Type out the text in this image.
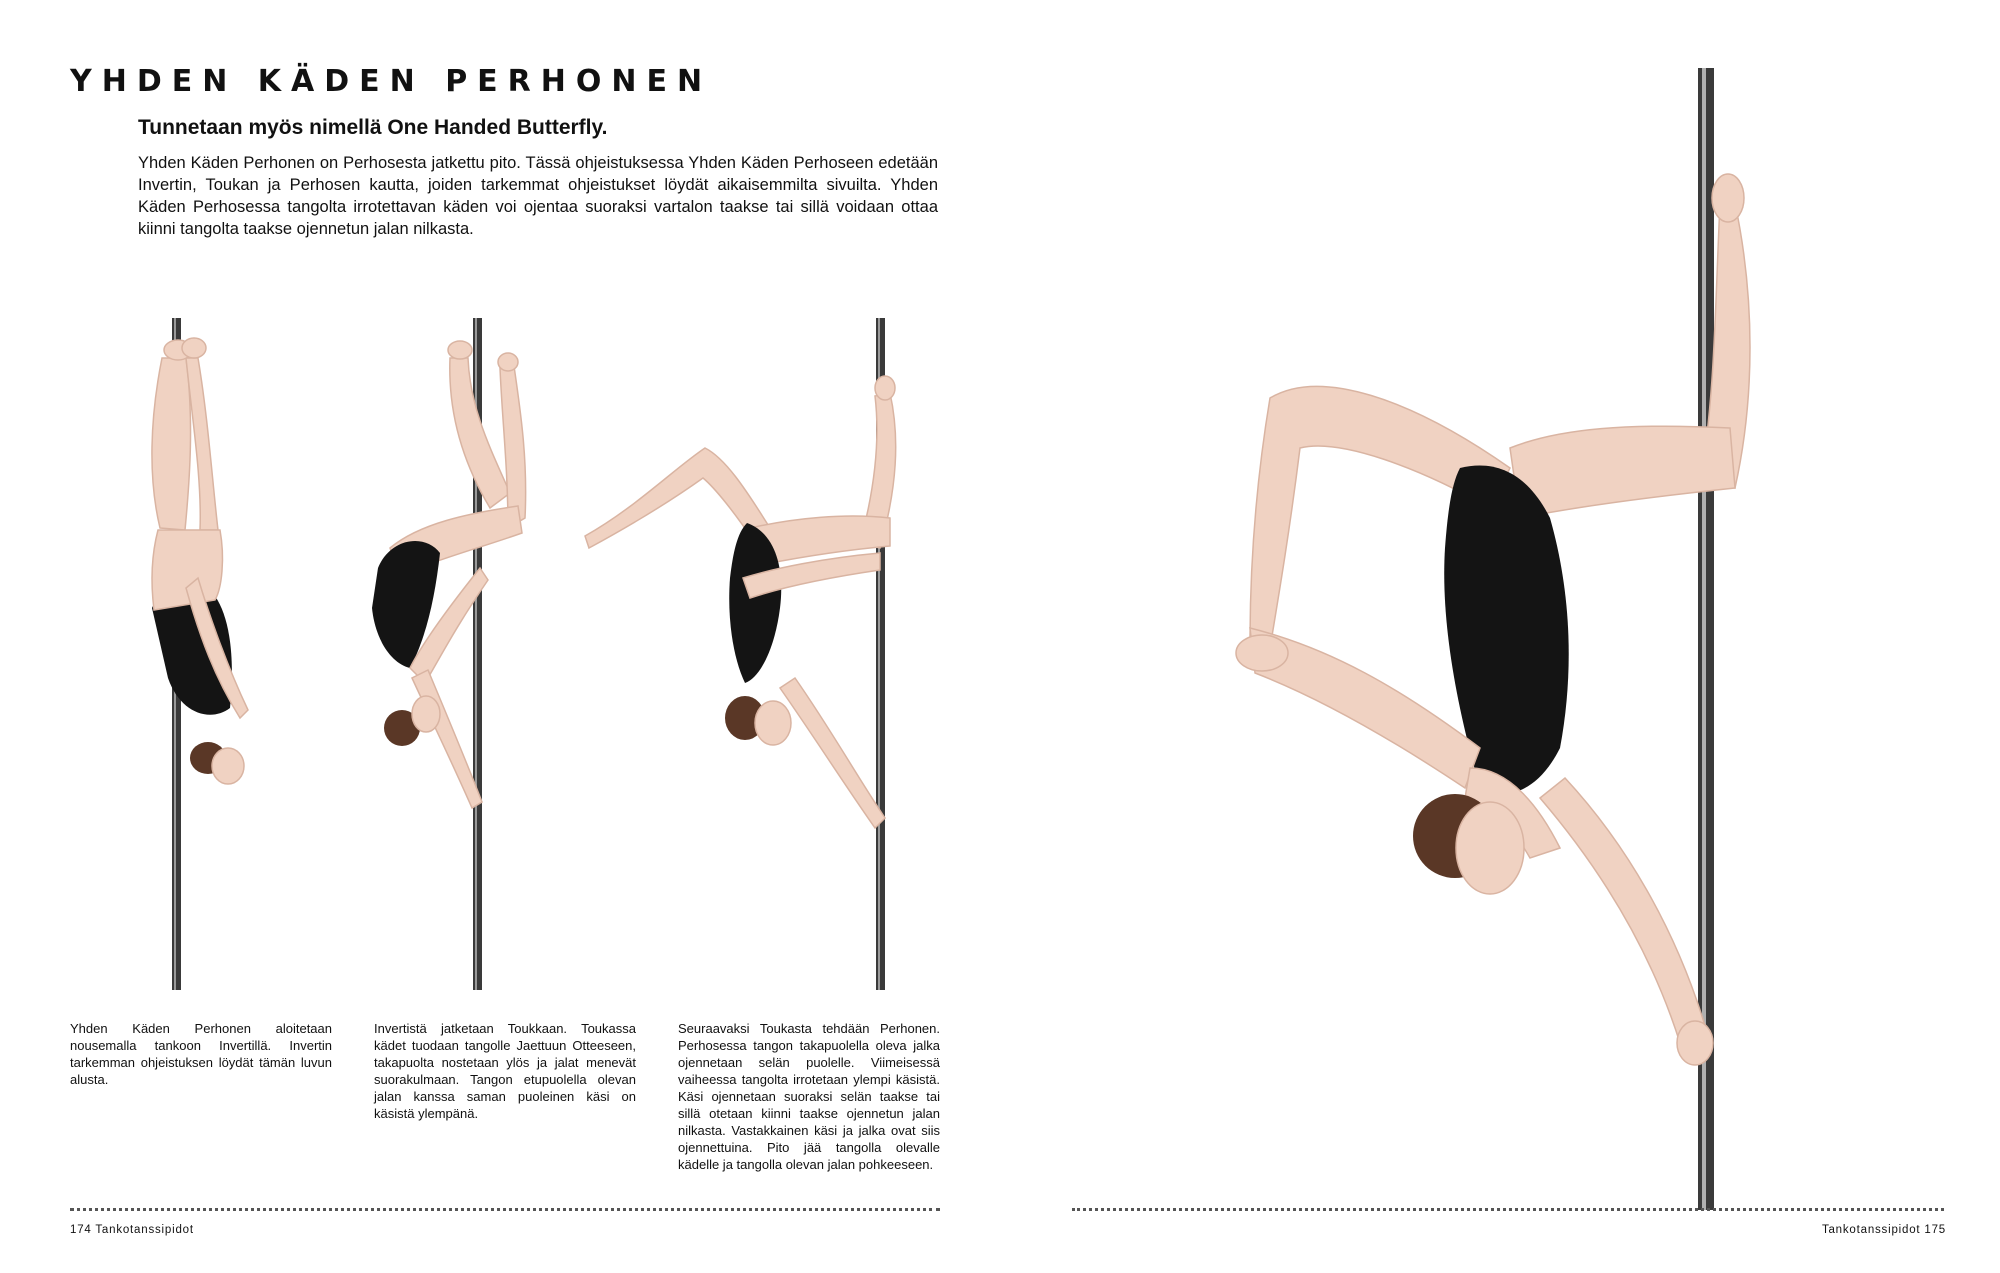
YHDEN KÄDEN PERHONEN
Tunnetaan myös nimellä One Handed Butterfly.
Yhden Käden Perhonen on Perhosesta jatkettu pito. Tässä ohjeistuksessa Yhden Käden Perhoseen edetään Invertin, Toukan ja Perhosen kautta, joiden tarkemmat ohjeistukset löydät aikaisemmilta sivuilta. Yhden Käden Perhosessa tangolta irrotettavan käden voi ojentaa suoraksi vartalon taakse tai sillä voidaan ottaa kiinni tangolta taakse ojennetun jalan nilkasta.
Yhden Käden Perhonen aloitetaan nousemalla tankoon Invertillä. Invertin tarkemman ohjeistuksen löydät tämän luvun alusta.
Invertistä jatketaan Toukkaan. Toukassa kädet tuodaan tangolle Jaettuun Otteeseen, takapuolta nostetaan ylös ja jalat menevät suorakulmaan. Tangon etupuolella olevan jalan kanssa saman puoleinen käsi on käsistä ylempänä.
Seuraavaksi Toukasta tehdään Perhonen. Perhosessa tangon takapuolella oleva jalka ojennetaan selän puolelle. Viimeisessä vaiheessa tangolta irrotetaan ylempi käsistä. Käsi ojennetaan suoraksi selän taakse tai sillä otetaan kiinni taakse ojennetun jalan nilkasta. Vastakkainen käsi ja jalka ovat siis ojennettuina. Pito jää tangolla olevalle kädelle ja tangolla olevan jalan pohkeeseen.
174 Tankotanssipidot	Tankotanssipidot 175
